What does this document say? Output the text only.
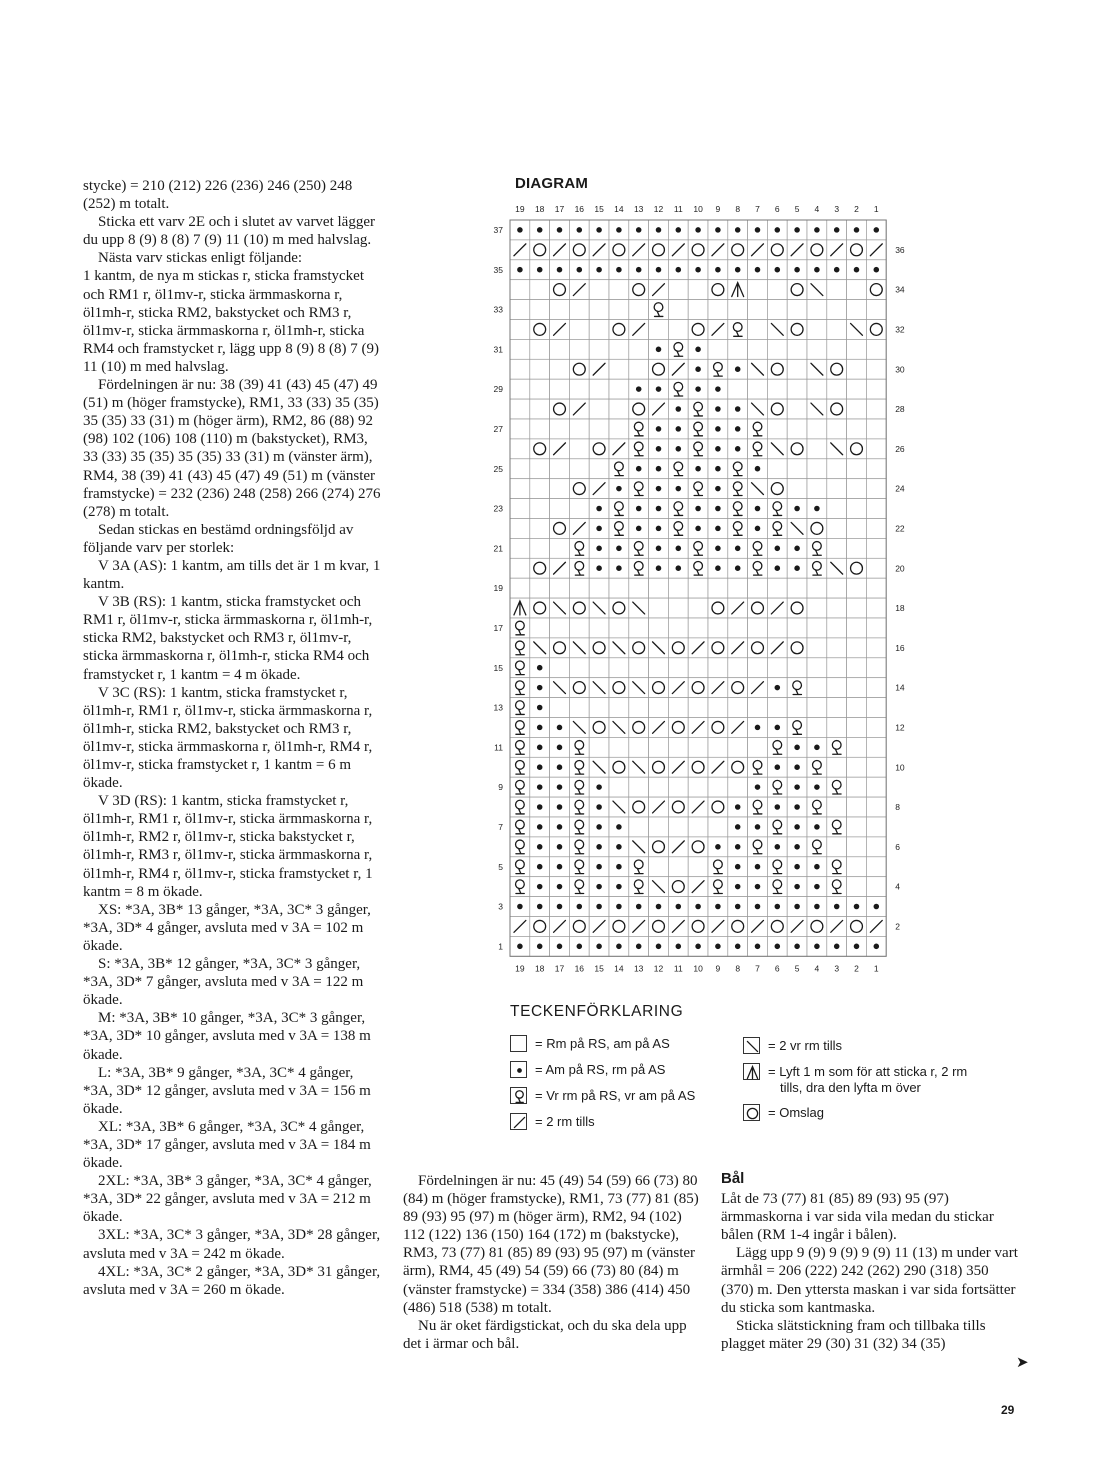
stycke) = 210 (212) 226 (236) 246 (250) 248 (252) m totalt.

Sticka ett varv 2E och i slutet av varvet lägger du upp 8 (9) 8 (8) 7 (9) 11 (10) m med halvslag.

Nästa varv stickas enligt följande:

1 kantm, de nya m stickas r, sticka framstycket och RM1 r, öl1mv-r, sticka ärmmaskorna r, öl1mh-r, sticka RM2, bakstycket och RM3 r, öl1mv-r, sticka ärmmaskorna r, öl1mh-r, sticka RM4 och framstycket r, lägg upp 8 (9) 8 (8) 7 (9) 11 (10) m med halvslag.

Fördelningen är nu: 38 (39) 41 (43) 45 (47) 49 (51) m (höger framstycke), RM1, 33 (33) 35 (35) 35 (35) 33 (31) m (höger ärm), RM2, 86 (88) 92 (98) 102 (106) 108 (110) m (bakstycket), RM3, 33 (33) 35 (35) 35 (35) 33 (31) m (vänster ärm), RM4, 38 (39) 41 (43) 45 (47) 49 (51) m (vänster framstycke) = 232 (236) 248 (258) 266 (274) 276 (278) m totalt.

Sedan stickas en bestämd ordningsföljd av följande varv per storlek:

V 3A (AS): 1 kantm, am tills det är 1 m kvar, 1 kantm.

V 3B (RS): 1 kantm, sticka framstycket och RM1 r, öl1mv-r, sticka ärmmaskorna r, öl1mh-r, sticka RM2, bakstycket och RM3 r, öl1mv-r, sticka ärmmaskorna r, öl1mh-r, sticka RM4 och framstycket r, 1 kantm = 4 m ökade.

V 3C (RS): 1 kantm, sticka framstycket r, öl1mh-r, RM1 r, öl1mv-r, sticka ärmmaskorna r, öl1mh-r, sticka RM2, bakstycket och RM3 r, öl1mv-r, sticka ärmmaskorna r, öl1mh-r, RM4 r, öl1mv-r, sticka framstycket r, 1 kantm = 6 m ökade.

V 3D (RS): 1 kantm, sticka framstycket r, öl1mh-r, RM1 r, öl1mv-r, sticka ärmmaskorna r, öl1mh-r, RM2 r, öl1mv-r, sticka bakstycket r, öl1mh-r, RM3 r, öl1mv-r, sticka ärmmaskorna r, öl1mh-r, RM4 r, öl1mv-r, sticka framstycket r, 1 kantm = 8 m ökade.

XS: *3A, 3B* 13 gånger, *3A, 3C* 3 gånger, *3A, 3D* 4 gånger, avsluta med v 3A = 102 m ökade.

S: *3A, 3B* 12 gånger, *3A, 3C* 3 gånger, *3A, 3D* 7 gånger, avsluta med v 3A = 122 m ökade.

M: *3A, 3B* 10 gånger, *3A, 3C* 3 gånger, *3A, 3D* 10 gånger, avsluta med v 3A = 138 m ökade.

L: *3A, 3B* 9 gånger, *3A, 3C* 4 gånger, *3A, 3D* 12 gånger, avsluta med v 3A = 156 m ökade.

XL: *3A, 3B* 6 gånger, *3A, 3C* 4 gånger, *3A, 3D* 17 gånger, avsluta med v 3A = 184 m ökade.

2XL: *3A, 3B* 3 gånger, *3A, 3C* 4 gånger, *3A, 3D* 22 gånger, avsluta med v 3A = 212 m ökade.

3XL: *3A, 3C* 3 gånger, *3A, 3D* 28 gånger, avsluta med v 3A = 242 m ökade.

4XL: *3A, 3C* 2 gånger, *3A, 3D* 31 gånger, avsluta med v 3A = 260 m ökade.

DIAGRAM
19
19
18
18
17
17
16
16
15
15
14
14
13
13
12
12
11
11
10
10
9
9
8
8
7
7
6
6
5
5
4
4
3
3
2
2
1
1
37
36
35
34
33
32
31
30
29
28
27
26
25
24
23
22
21
20
19
18
17
16
15
14
13
12
11
10
9
8
7
6
5
4
3
2
1
TECKENFÖRKLARING
= Rm på RS, am på AS
= Am på RS, rm på AS
= Vr rm på RS, vr am på AS
= 2 rm tills
= 2 vr rm tills
= Lyft 1 m som för att sticka r, 2 rm
tills, dra den lyfta m över
= Omslag

Fördelningen är nu: 45 (49) 54 (59) 66 (73) 80 (84) m (höger framstycke), RM1, 73 (77) 81 (85) 89 (93) 95 (97) m (höger ärm), RM2, 94 (102) 112 (122) 136 (150) 164 (172) m (bakstycke), RM3, 73 (77) 81 (85) 89 (93) 95 (97) m (vänster ärm), RM4, 45 (49) 54 (59) 66 (73) 80 (84) m (vänster framstycke) = 334 (358) 386 (414) 450 (486) 518 (538) m totalt.

Nu är oket färdigstickat, och du ska dela upp det i ärmar och bål.

Bål

Låt de 73 (77) 81 (85) 89 (93) 95 (97) ärmmaskorna i var sida vila medan du stickar bålen (RM 1-4 ingår i bålen).

Lägg upp 9 (9) 9 (9) 9 (9) 11 (13) m under vart ärmhål = 206 (222) 242 (262) 290 (318) 350 (370) m. Den yttersta maskan i var sida fortsätter du sticka som kantmaska.

Sticka slätstickning fram och tillbaka tills plagget mäter 29 (30) 31 (32) 34 (35)

➤
29
